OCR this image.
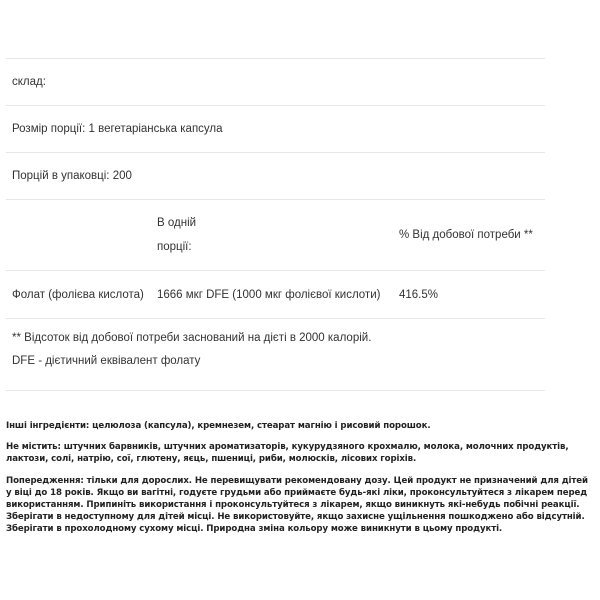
склад:
Розмір порції: 1 вегетаріанська капсула
Порцій в упаковці: 200
В одній
порції:
% Від добової потреби **
Фолат (фолієва кислота)	1666 мкг DFE (1000 мкг фолієвої кислоти)	416.5%

** Відсоток від добової потреби заснований на дієті в 2000 калорій.

DFE - дієтичний еквівалент фолату

Інші інгредієнти: целюлоза (капсула), кремнезем, стеарат магнію і рисовий порошок.

Не містить: штучних барвників, штучних ароматизаторів, кукурудзяного крохмалю, молока, молочних продуктів, лактози, солі, натрію, сої, глютену, яєць, пшениці, риби, молюсків, лісових горіхів.

Попередження: тільки для дорослих. Не перевищувати рекомендовану дозу. Цей продукт не призначений для дітей у віці до 18 років. Якщо ви вагітні, годуєте грудьми або приймаєте будь-які ліки, проконсультуйтеся з лікарем перед використанням. Припиніть використання і проконсультуйтеся з лікарем, якщо виникнуть які-небудь побічні реакції. Зберігати в недоступному для дітей місці. Не використовуйте, якщо захисне ущільнення пошкоджено або відсутній. Зберігати в прохолодному сухому місці. Природна зміна кольору може виникнути в цьому продукті.
